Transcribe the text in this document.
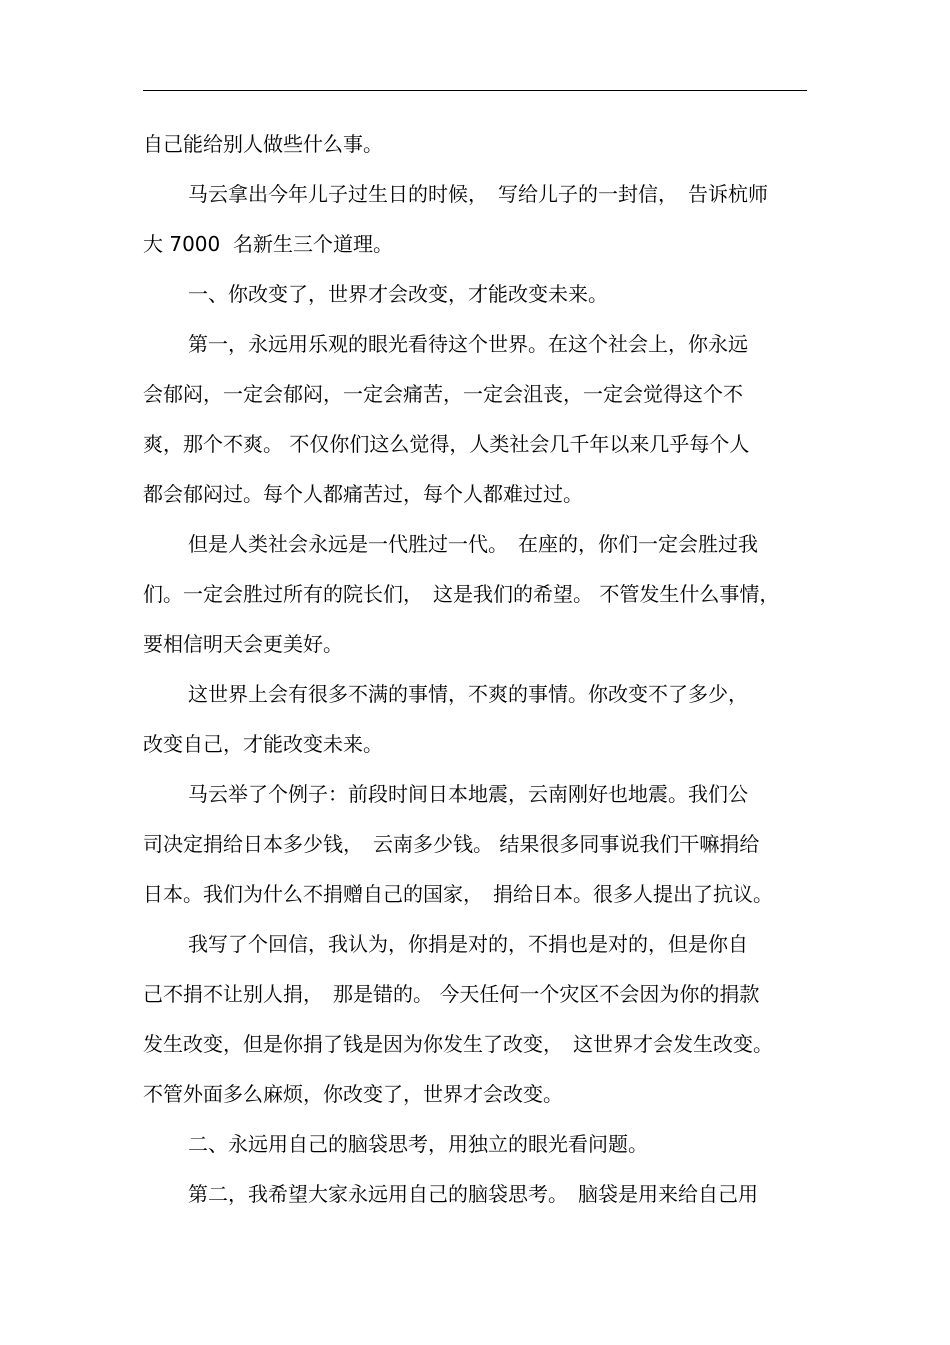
自己能给别人做些什么事。

马云拿出今年儿子过生日的时候，　写给儿子的一封信，　告诉杭师

大 7000  名新生三个道理。

一、你改变了，世界才会改变，才能改变未来。

第一，永远用乐观的眼光看待这个世界。在这个社会上，你永远

会郁闷，一定会郁闷，一定会痛苦，一定会沮丧，一定会觉得这个不

爽，那个不爽。 不仅你们这么觉得，人类社会几千年以来几乎每个人

都会郁闷过。每个人都痛苦过，每个人都难过过。

但是人类社会永远是一代胜过一代。　在座的，你们一定会胜过我

们。一定会胜过所有的院长们，　这是我们的希望。 不管发生什么事情，

要相信明天会更美好。

这世界上会有很多不满的事情，不爽的事情。你改变不了多少，

改变自己，才能改变未来。

马云举了个例子：前段时间日本地震，云南刚好也地震。我们公

司决定捐给日本多少钱，　云南多少钱。 结果很多同事说我们干嘛捐给

日本。我们为什么不捐赠自己的国家，　捐给日本。很多人提出了抗议。

我写了个回信，我认为，你捐是对的，不捐也是对的，但是你自

己不捐不让别人捐，　那是错的。 今天任何一个灾区不会因为你的捐款

发生改变，但是你捐了钱是因为你发生了改变，　这世界才会发生改变。

不管外面多么麻烦，你改变了，世界才会改变。

二、永远用自己的脑袋思考，用独立的眼光看问题。

第二，我希望大家永远用自己的脑袋思考。　脑袋是用来给自己用
